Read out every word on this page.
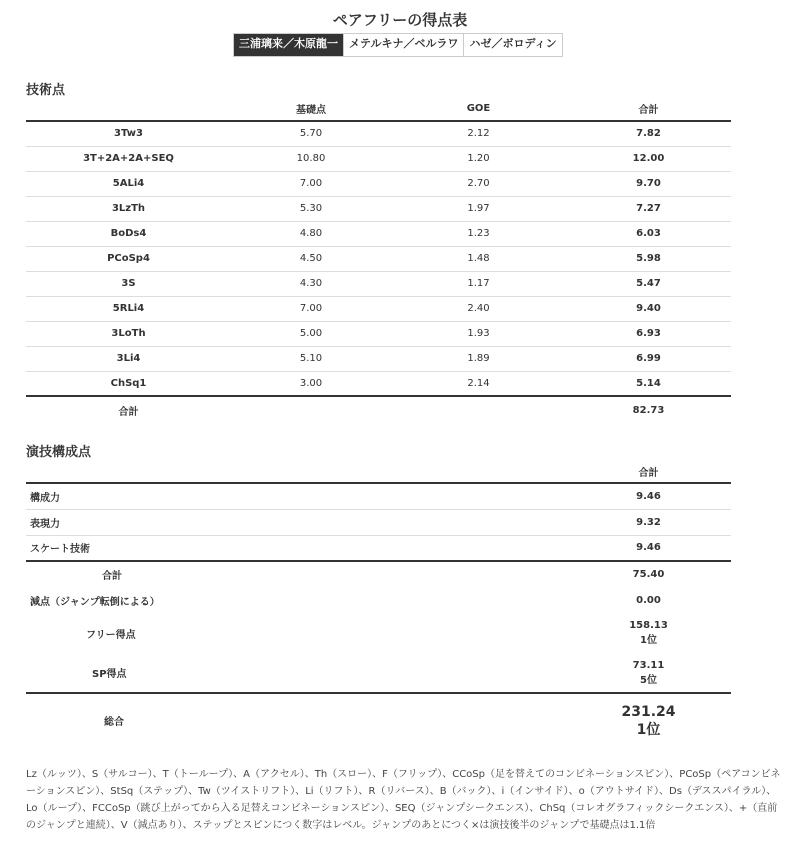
ペアフリーの得点表
三浦璃来／木原龍一	メテルキナ／ベルラワ	ハゼ／ボロディン
技術点
	基礎点	GOE	合計
3Tw3	5.70	2.12	7.82
3T+2A+2A+SEQ	10.80	1.20	12.00
5ALi4	7.00	2.70	9.70
3LzTh	5.30	1.97	7.27
BoDs4	4.80	1.23	6.03
PCoSp4	4.50	1.48	5.98
3S	4.30	1.17	5.47
5RLi4	7.00	2.40	9.40
3LoTh	5.00	1.93	6.93
3Li4	5.10	1.89	6.99
ChSq1	3.00	2.14	5.14
合計			82.73
演技構成点
	合計
構成力	9.46
表現力	9.32
スケート技術	9.46
合計	75.40
減点（ジャンプ転倒による）	0.00
フリー得点	158.13
1位

SP得点	73.11
5位

総合	231.24
1位
Lz（ルッツ）、S（サルコー）、T（トーループ）、A（アクセル）、Th（スロー）、F（フリップ）、CCoSp（足を替えてのコンビネーションスピン）、PCoSp（ペアコンビネーションスピン）、StSq（ステップ）、Tw（ツイストリフト）、Li（リフト）、R（リバース）、B（バック）、i（インサイド）、o（アウトサイド）、Ds（デススパイラル）、Lo（ループ）、FCCoSp（跳び上がってから入る足替えコンビネーションスピン）、SEQ（ジャンプシークエンス）、ChSq（コレオグラフィックシークエンス）、+（直前のジャンプと連続）、V（減点あり）、ステップとスピンにつく数字はレベル。ジャンプのあとにつく×は演技後半のジャンプで基礎点は1.1倍
